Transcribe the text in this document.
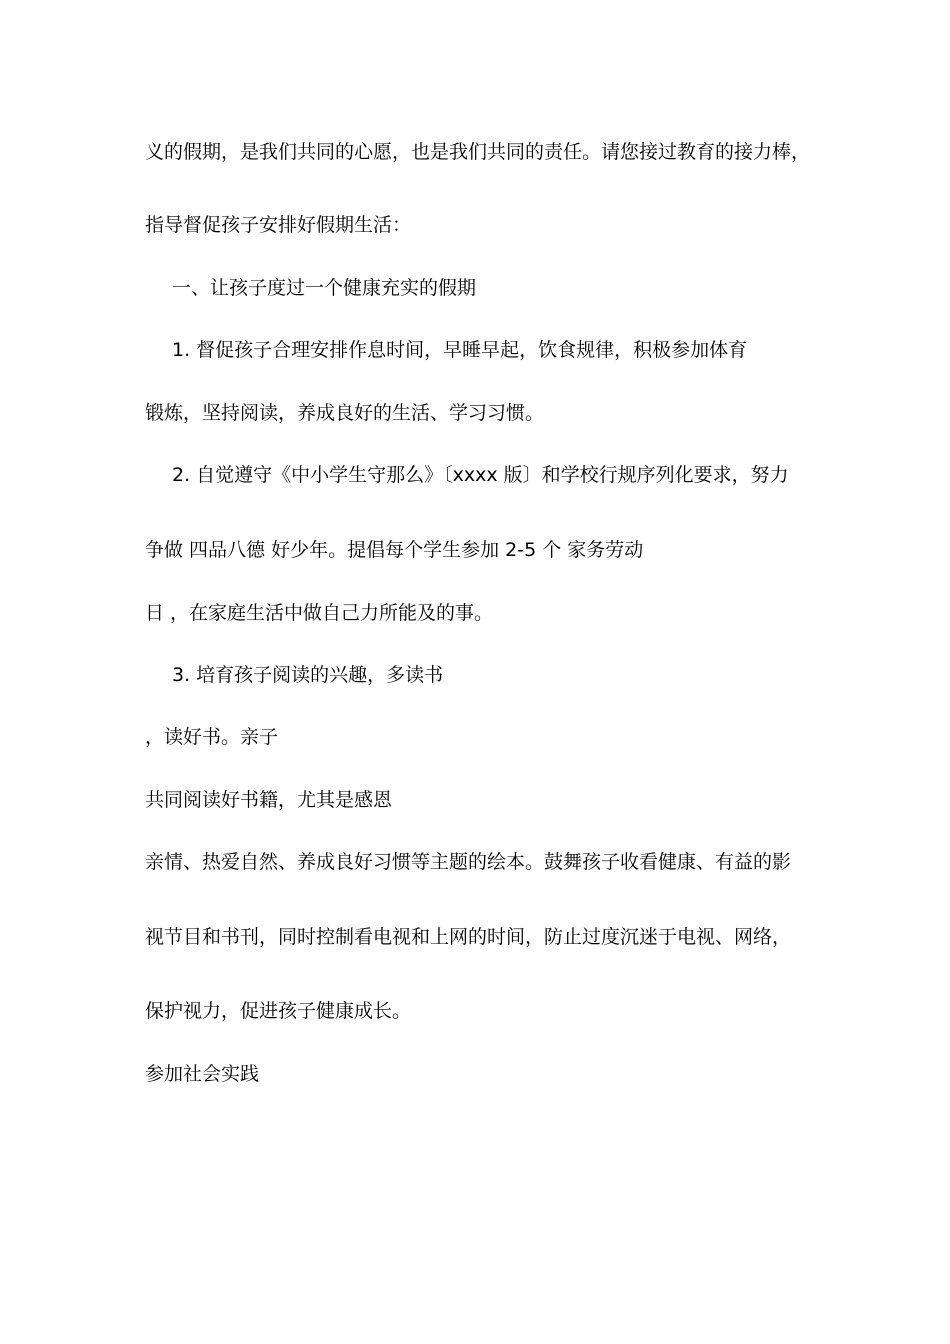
义的假期，是我们共同的心愿，也是我们共同的责任。请您接过教育的接力棒，
指导督促孩子安排好假期生活：
一、让孩子度过一个健康充实的假期
1. 督促孩子合理安排作息时间，早睡早起，饮食规律，积极参加体育
锻炼，坚持阅读，养成良好的生活、学习习惯。
2. 自觉遵守《中小学生守那么》〔xxxx 版〕和学校行规序列化要求，努力
争做 四品八德 好少年。提倡每个学生参加 2-5 个 家务劳动
日 ，在家庭生活中做自己力所能及的事。
3. 培育孩子阅读的兴趣，多读书
，读好书。亲子
共同阅读好书籍，尤其是感恩
亲情、热爱自然、养成良好习惯等主题的绘本。鼓舞孩子收看健康、有益的影
视节目和书刊，同时控制看电视和上网的时间，防止过度沉迷于电视、网络，
保护视力，促进孩子健康成长。
参加社会实践
